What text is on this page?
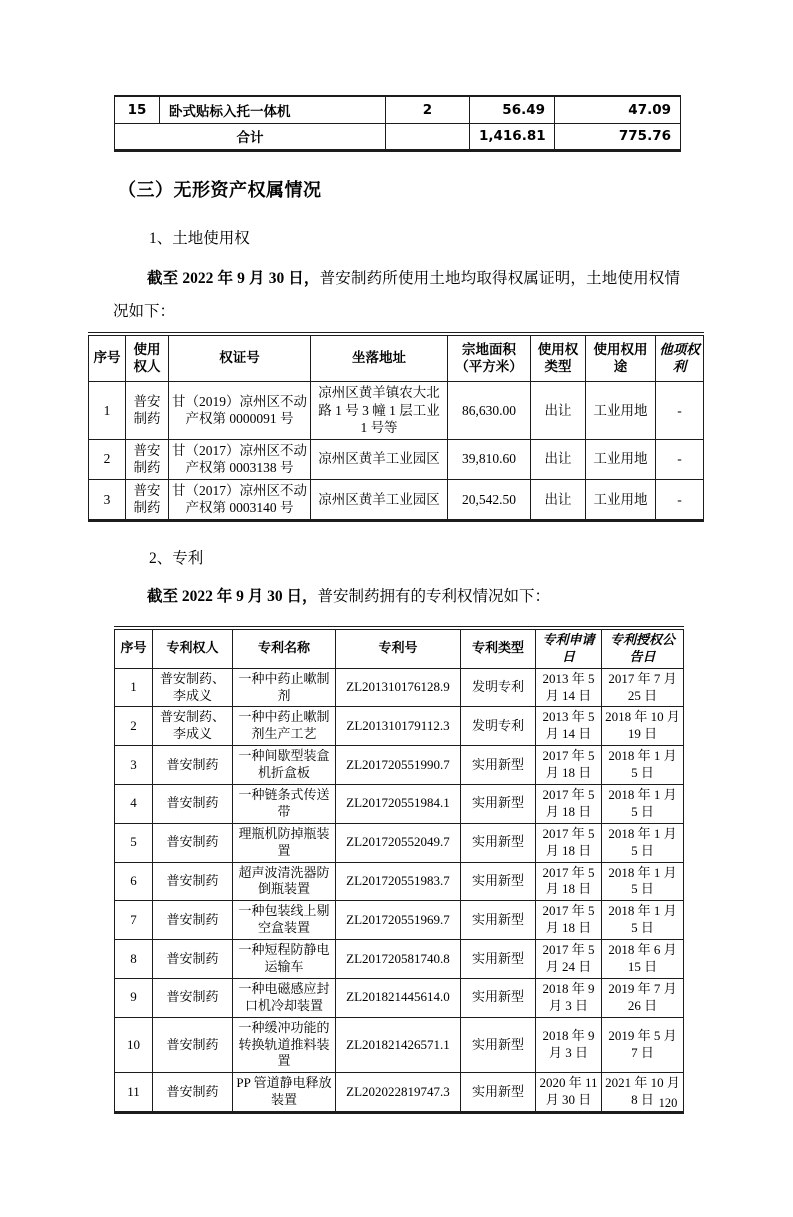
15	卧式贴标入托一体机	2	56.49	47.09
合计			1,416.81	775.76
（三）无形资产权属情况
1、土地使用权

截至 2022 年 9 月 30 日，普安制药所使用土地均取得权属证明，土地使用权情况如下：

序号	使用权人	权证号	坐落地址	宗地面积（平方米）	使用权类型	使用权用途	他项权利
1	普安制药	甘（2019）凉州区不动产权第 0000091 号	凉州区黄羊镇农大北路 1 号 3 幢 1 层工业 1 号等	86,630.00	出让	工业用地	-
2	普安制药	甘（2017）凉州区不动产权第 0003138 号	凉州区黄羊工业园区	39,810.60	出让	工业用地	-
3	普安制药	甘（2017）凉州区不动产权第 0003140 号	凉州区黄羊工业园区	20,542.50	出让	工业用地	-
2、专利

截至 2022 年 9 月 30 日，普安制药拥有的专利权情况如下：

序号	专利权人	专利名称	专利号	专利类型	专利申请日	专利授权公告日
1	普安制药、李成义	一种中药止嗽制剂	ZL201310176128.9	发明专利	2013 年 5 月 14 日	2017 年 7 月 25 日
2	普安制药、李成义	一种中药止嗽制剂生产工艺	ZL201310179112.3	发明专利	2013 年 5 月 14 日	2018 年 10 月 19 日
3	普安制药	一种间歇型装盒机折盒板	ZL201720551990.7	实用新型	2017 年 5 月 18 日	2018 年 1 月 5 日
4	普安制药	一种链条式传送带	ZL201720551984.1	实用新型	2017 年 5 月 18 日	2018 年 1 月 5 日
5	普安制药	理瓶机防掉瓶装置	ZL201720552049.7	实用新型	2017 年 5 月 18 日	2018 年 1 月 5 日
6	普安制药	超声波清洗器防倒瓶装置	ZL201720551983.7	实用新型	2017 年 5 月 18 日	2018 年 1 月 5 日
7	普安制药	一种包装线上剔空盒装置	ZL201720551969.7	实用新型	2017 年 5 月 18 日	2018 年 1 月 5 日
8	普安制药	一种短程防静电运输车	ZL201720581740.8	实用新型	2017 年 5 月 24 日	2018 年 6 月 15 日
9	普安制药	一种电磁感应封口机冷却装置	ZL201821445614.0	实用新型	2018 年 9 月 3 日	2019 年 7 月 26 日
10	普安制药	一种缓冲功能的转换轨道推料装置	ZL201821426571.1	实用新型	2018 年 9 月 3 日	2019 年 5 月 7 日
11	普安制药	PP 管道静电释放装置	ZL202022819747.3	实用新型	2020 年 11 月 30 日	2021 年 10 月 8 日 120
